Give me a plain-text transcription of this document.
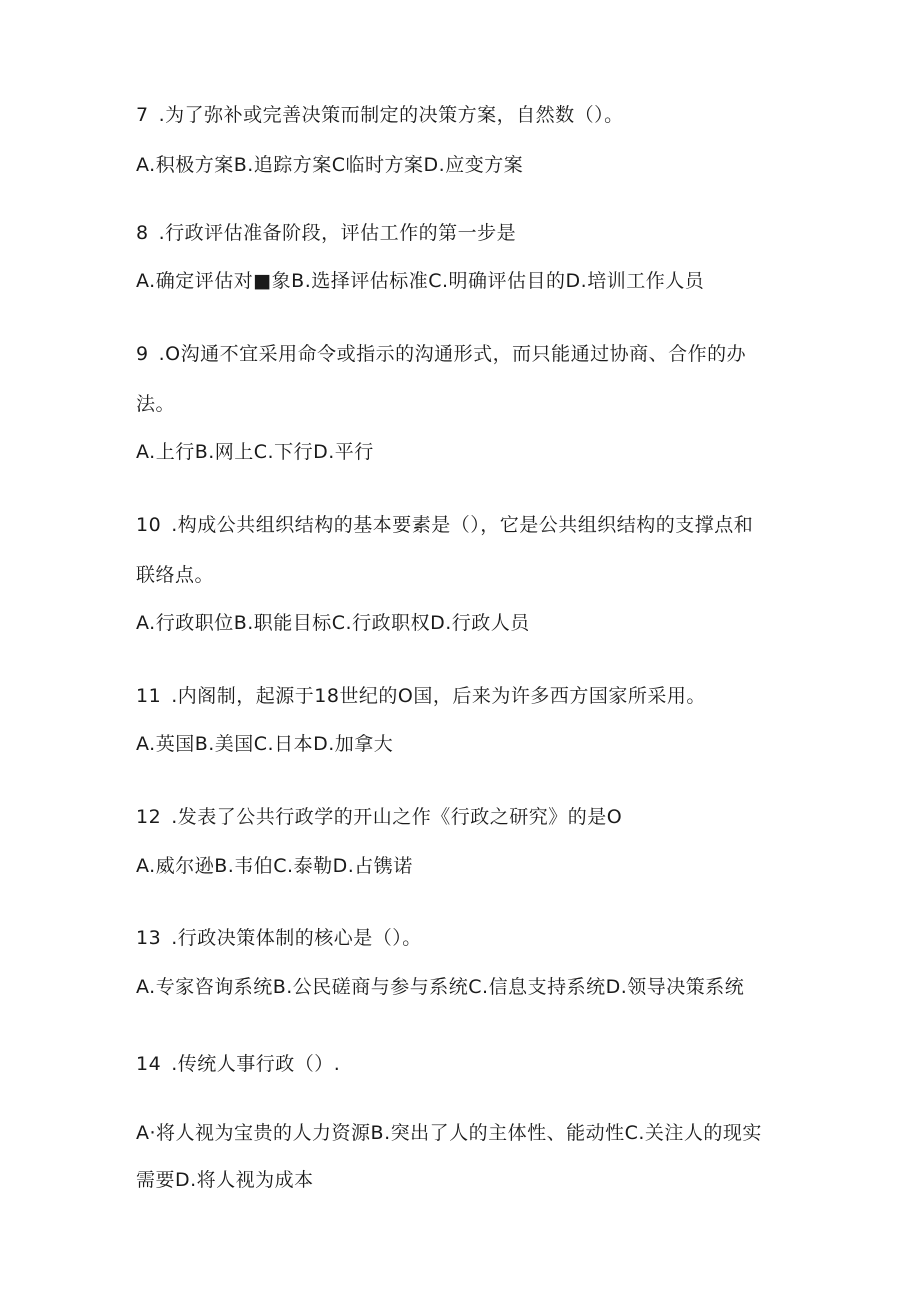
7 .为了弥补或完善决策而制定的决策方案，自然数（）。
A.积极方案B.追踪方案C临时方案D.应变方案
8 .行政评估准备阶段，评估工作的第一步是
A.确定评估对■象B.选择评估标准C.明确评估目的D.培训工作人员
9 .O沟通不宜采用命令或指示的沟通形式，而只能通过协商、合作的办
法。
A.上行B.网上C.下行D.平行
10 .构成公共组织结构的基本要素是（），它是公共组织结构的支撑点和
联络点。
A.行政职位B.职能目标C.行政职权D.行政人员
11 .内阁制，起源于18世纪的O国，后来为许多西方国家所采用。
A.英国B.美国C.日本D.加拿大
12 .发表了公共行政学的开山之作《行政之研究》的是O
A.威尔逊B.韦伯C.泰勒D.占镌诺
13 .行政决策体制的核心是（）。
A.专家咨询系统B.公民磋商与参与系统C.信息支持系统D.领导决策系统
14 .传统人事行政（）.
A·将人视为宝贵的人力资源B.突出了人的主体性、能动性C.关注人的现实
需要D.将人视为成本
